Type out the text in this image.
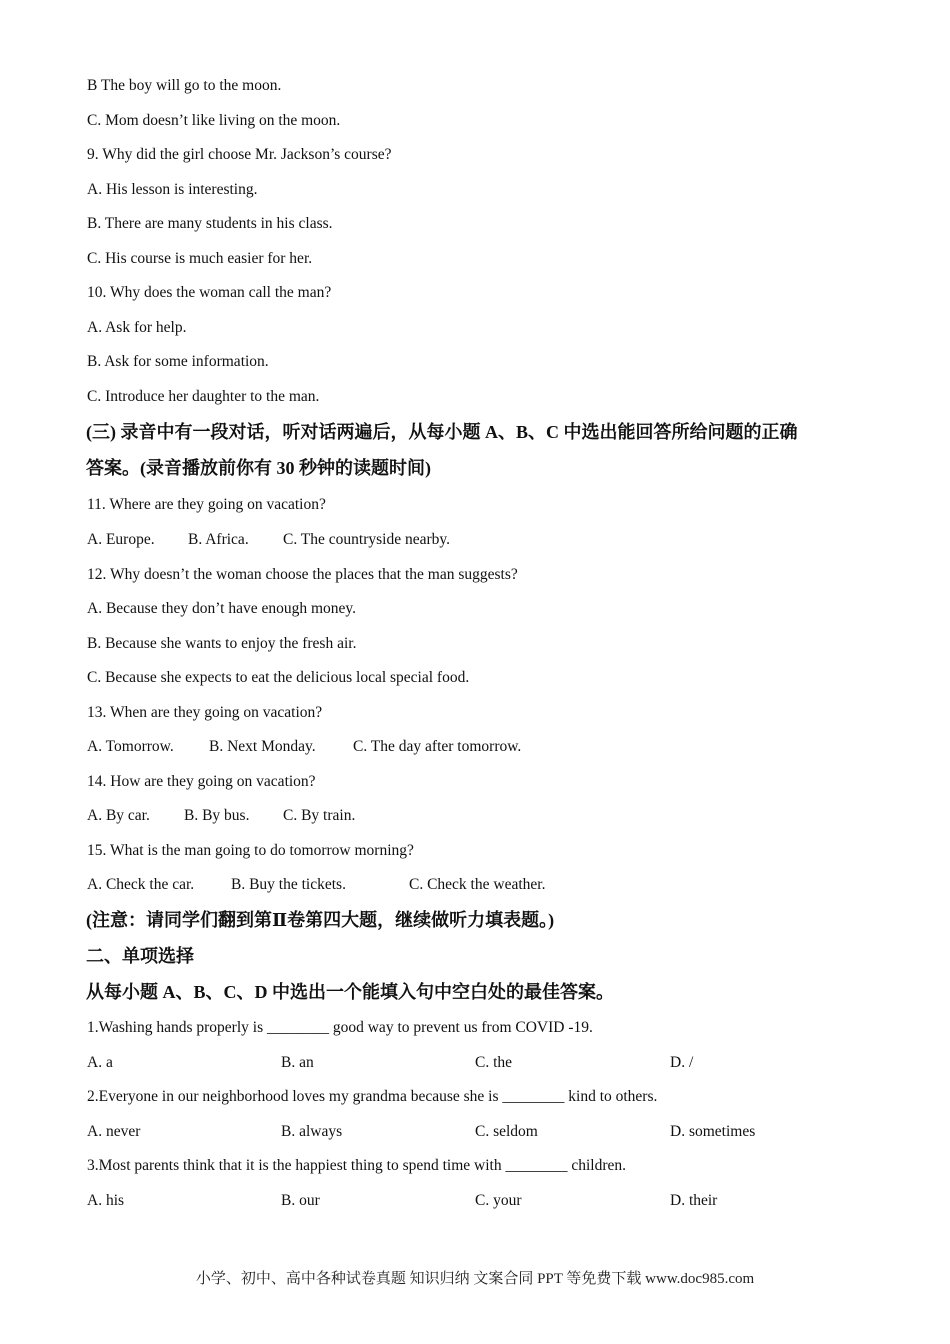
B The boy will go to the moon.
C. Mom doesn’t like living on the moon.
9. Why did the girl choose Mr. Jackson’s course?
A. His lesson is interesting.
B. There are many students in his class.
C. His course is much easier for her.
10. Why does the woman call the man?
A. Ask for help.
B. Ask for some information.
C. Introduce her daughter to the man.
(三) 录音中有一段对话，听对话两遍后，从每小题 A、B、C 中选出能回答所给问题的正确
答案。(录音播放前你有 30 秒钟的读题时间)
11. Where are they going on vacation?
A. Europe. B. Africa. C. The countryside nearby.
12. Why doesn’t the woman choose the places that the man suggests?
A. Because they don’t have enough money.
B. Because she wants to enjoy the fresh air.
C. Because she expects to eat the delicious local special food.
13. When are they going on vacation?
A. Tomorrow. B. Next Monday. C. The day after tomorrow.
14. How are they going on vacation?
A. By car. B. By bus. C. By train.
15. What is the man going to do tomorrow morning?
A. Check the car. B. Buy the tickets.	C. Check the weather.
(注意：请同学们翻到第Ⅱ卷第四大题，继续做听力填表题。)
二、单项选择
从每小题 A、B、C、D 中选出一个能填入句中空白处的最佳答案。
1.Washing hands properly is ________ good way to prevent us from COVID -19.
A. a	B. an	C. the	D. /
2.Everyone in our neighborhood loves my grandma because she is ________ kind to others.
A. never	B. always	C. seldom	D. sometimes
3.Most parents think that it is the happiest thing to spend time with ________ children.
A. his	B. our	C. your	D. their
小学、初中、高中各种试卷真题 知识归纳 文案合同 PPT 等免费下载 www.doc985.com
